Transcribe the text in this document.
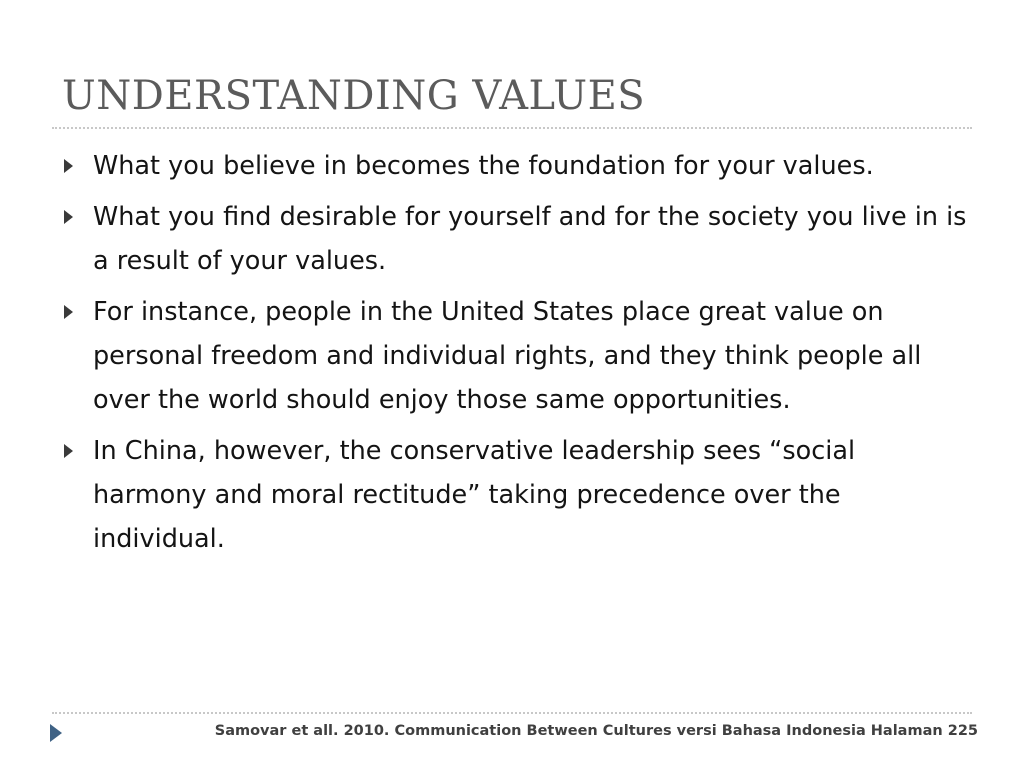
UNDERSTANDING VALUES
What you believe in becomes the foundation for your values.
What you find desirable for yourself and for the society you live in is a result of your values.
For instance, people in the United States place great value on personal freedom and individual rights, and they think people all over the world should enjoy those same opportunities.
In China, however, the conservative leadership sees “social harmony and moral rectitude” taking precedence over the individual.
Samovar et all. 2010. Communication Between Cultures versi Bahasa Indonesia Halaman 225
